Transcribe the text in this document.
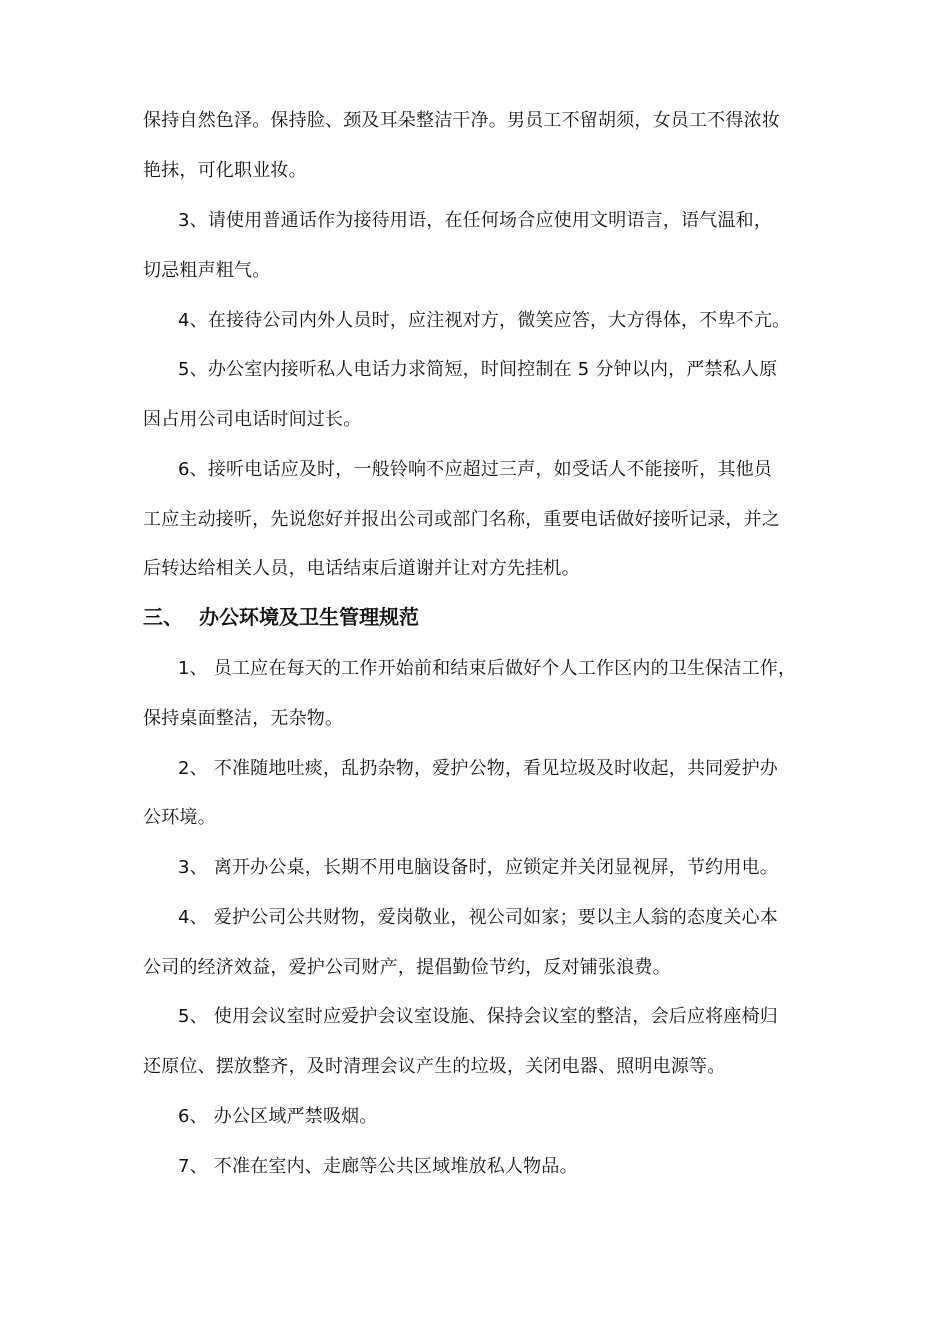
保持自然色泽。保持脸、颈及耳朵整洁干净。男员工不留胡须，女员工不得浓妆
艳抹，可化职业妆。
3、请使用普通话作为接待用语，在任何场合应使用文明语言，语气温和，
切忌粗声粗气。
4、在接待公司内外人员时，应注视对方，微笑应答，大方得体，不卑不亢。
5、办公室内接听私人电话力求简短，时间控制在 5 分钟以内，严禁私人原
因占用公司电话时间过长。
6、接听电话应及时，一般铃响不应超过三声，如受话人不能接听，其他员
工应主动接听，先说您好并报出公司或部门名称，重要电话做好接听记录，并之
后转达给相关人员，电话结束后道谢并让对方先挂机。
三、 办公环境及卫生管理规范
1、 员工应在每天的工作开始前和结束后做好个人工作区内的卫生保洁工作，
保持桌面整洁，无杂物。
2、 不准随地吐痰，乱扔杂物，爱护公物，看见垃圾及时收起，共同爱护办
公环境。
3、 离开办公桌，长期不用电脑设备时，应锁定并关闭显视屏，节约用电。
4、 爱护公司公共财物，爱岗敬业，视公司如家；要以主人翁的态度关心本
公司的经济效益，爱护公司财产，提倡勤俭节约，反对铺张浪费。
5、 使用会议室时应爱护会议室设施、保持会议室的整洁，会后应将座椅归
还原位、摆放整齐，及时清理会议产生的垃圾，关闭电器、照明电源等。
6、 办公区域严禁吸烟。
7、 不准在室内、走廊等公共区域堆放私人物品。
